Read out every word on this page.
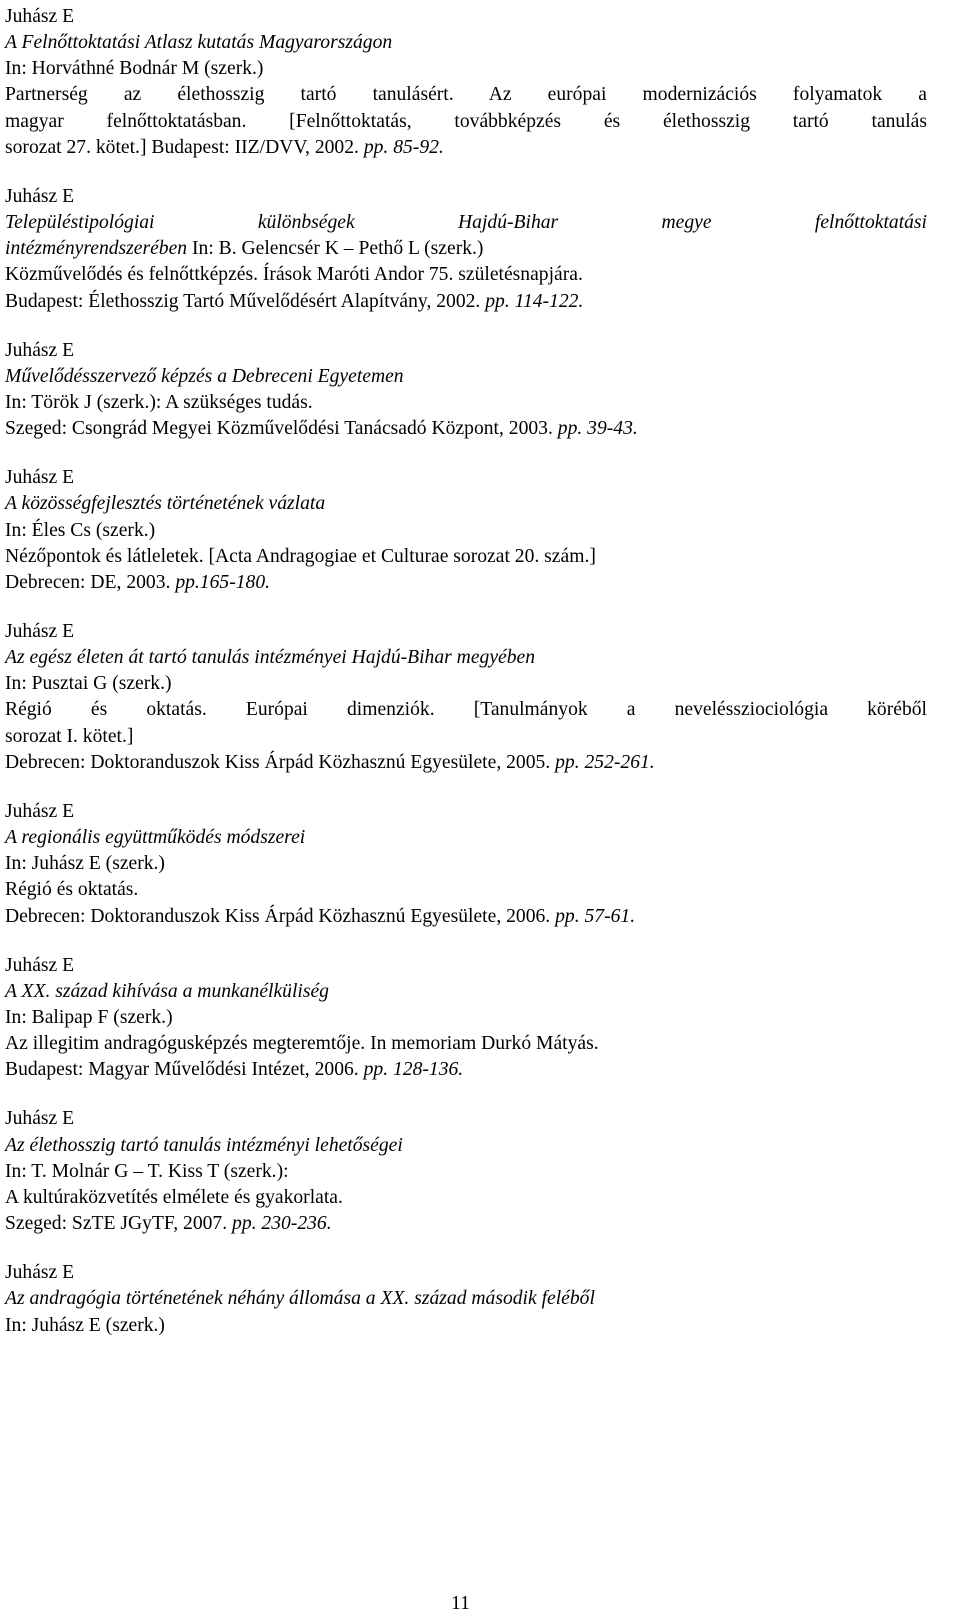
Juhász E
A Felnőttoktatási Atlasz kutatás Magyarországon
In: Horváthné Bodnár M (szerk.)
Partnerség az élethosszig tartó tanulásért. Az európai modernizációs folyamatok a
magyar felnőttoktatásban. [Felnőttoktatás, továbbképzés és élethosszig tartó tanulás
sorozat 27. kötet.] Budapest: IIZ/DVV, 2002. pp. 85-92.
Juhász E
Településtipológiai különbségek Hajdú-Bihar megye felnőttoktatási
intézményrendszerében In: B. Gelencsér K – Pethő L (szerk.)
Közművelődés és felnőttképzés. Írások Maróti Andor 75. születésnapjára.
Budapest: Élethosszig Tartó Művelődésért Alapítvány, 2002. pp. 114-122.
Juhász E
Művelődésszervező képzés a Debreceni Egyetemen
In: Török J (szerk.): A szükséges tudás.
Szeged: Csongrád Megyei Közművelődési Tanácsadó Központ, 2003. pp. 39-43.
Juhász E
A közösségfejlesztés történetének vázlata
In: Éles Cs (szerk.)
Nézőpontok és látleletek. [Acta Andragogiae et Culturae sorozat 20. szám.]
Debrecen: DE, 2003. pp.165-180.
Juhász E
Az egész életen át tartó tanulás intézményei Hajdú-Bihar megyében
In: Pusztai G (szerk.)
Régió és oktatás. Európai dimenziók. [Tanulmányok a neveléssziociológia köréből
sorozat I. kötet.]
Debrecen: Doktoranduszok Kiss Árpád Közhasznú Egyesülete, 2005. pp. 252-261.
Juhász E
A regionális együttműködés módszerei
In: Juhász E (szerk.)
Régió és oktatás.
Debrecen: Doktoranduszok Kiss Árpád Közhasznú Egyesülete, 2006. pp. 57-61.
Juhász E
A XX. század kihívása a munkanélküliség
In: Balipap F (szerk.)
Az illegitim andragógusképzés megteremtője. In memoriam Durkó Mátyás.
Budapest: Magyar Művelődési Intézet, 2006. pp. 128-136.
Juhász E
Az élethosszig tartó tanulás intézményi lehetőségei
In: T. Molnár G – T. Kiss T (szerk.):
A kultúraközvetítés elmélete és gyakorlata.
Szeged: SzTE JGyTF, 2007. pp. 230-236.
Juhász E
Az andragógia történetének néhány állomása a XX. század második feléből
In: Juhász E (szerk.)
11
